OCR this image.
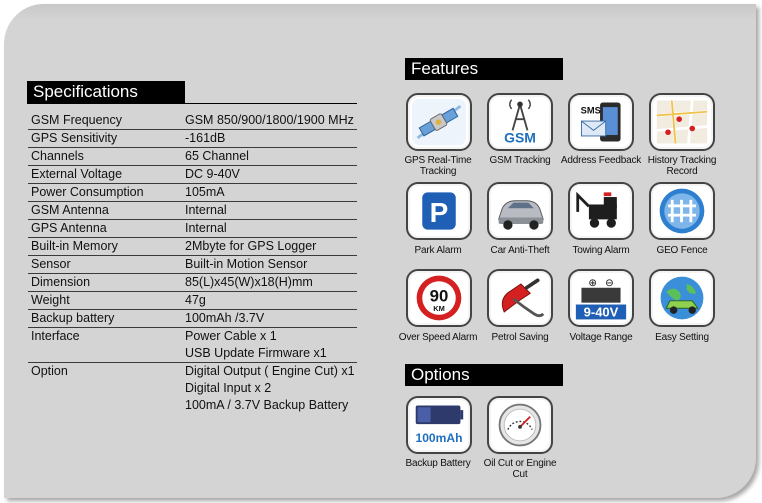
Specifications
GSM Frequency	GSM 850/900/1800/1900 MHz
GPS Sensitivity	-161dB
Channels	65 Channel
External Voltage	DC 9-40V
Power Consumption	105mA
GSM Antenna	Internal
GPS Antenna	Internal
Built-in Memory	2Mbyte for GPS Logger
Sensor	Built-in Motion Sensor
Dimension	85(L)x45(W)x18(H)mm
Weight	47g
Backup battery	100mAh /3.7V
Interface	Power Cable x 1
	USB Update Firmware x1
Option	Digital Output ( Engine Cut) x1
	Digital Input x 2
	100mA / 3.7V Backup Battery
Features
GPS Real-Time Tracking
GSM
GSM Tracking
SMS
Address Feedback History Tracking Record
P
Park Alarm	Car Anti-Theft	Towing Alarm	GEO Fence
90
KM
Over Speed Alarm	Petrol Saving
⊕ ⊖
9-40V
Voltage Range	Easy Setting
Options
100mAh
Backup Battery	Oil Cut or Engine Cut
